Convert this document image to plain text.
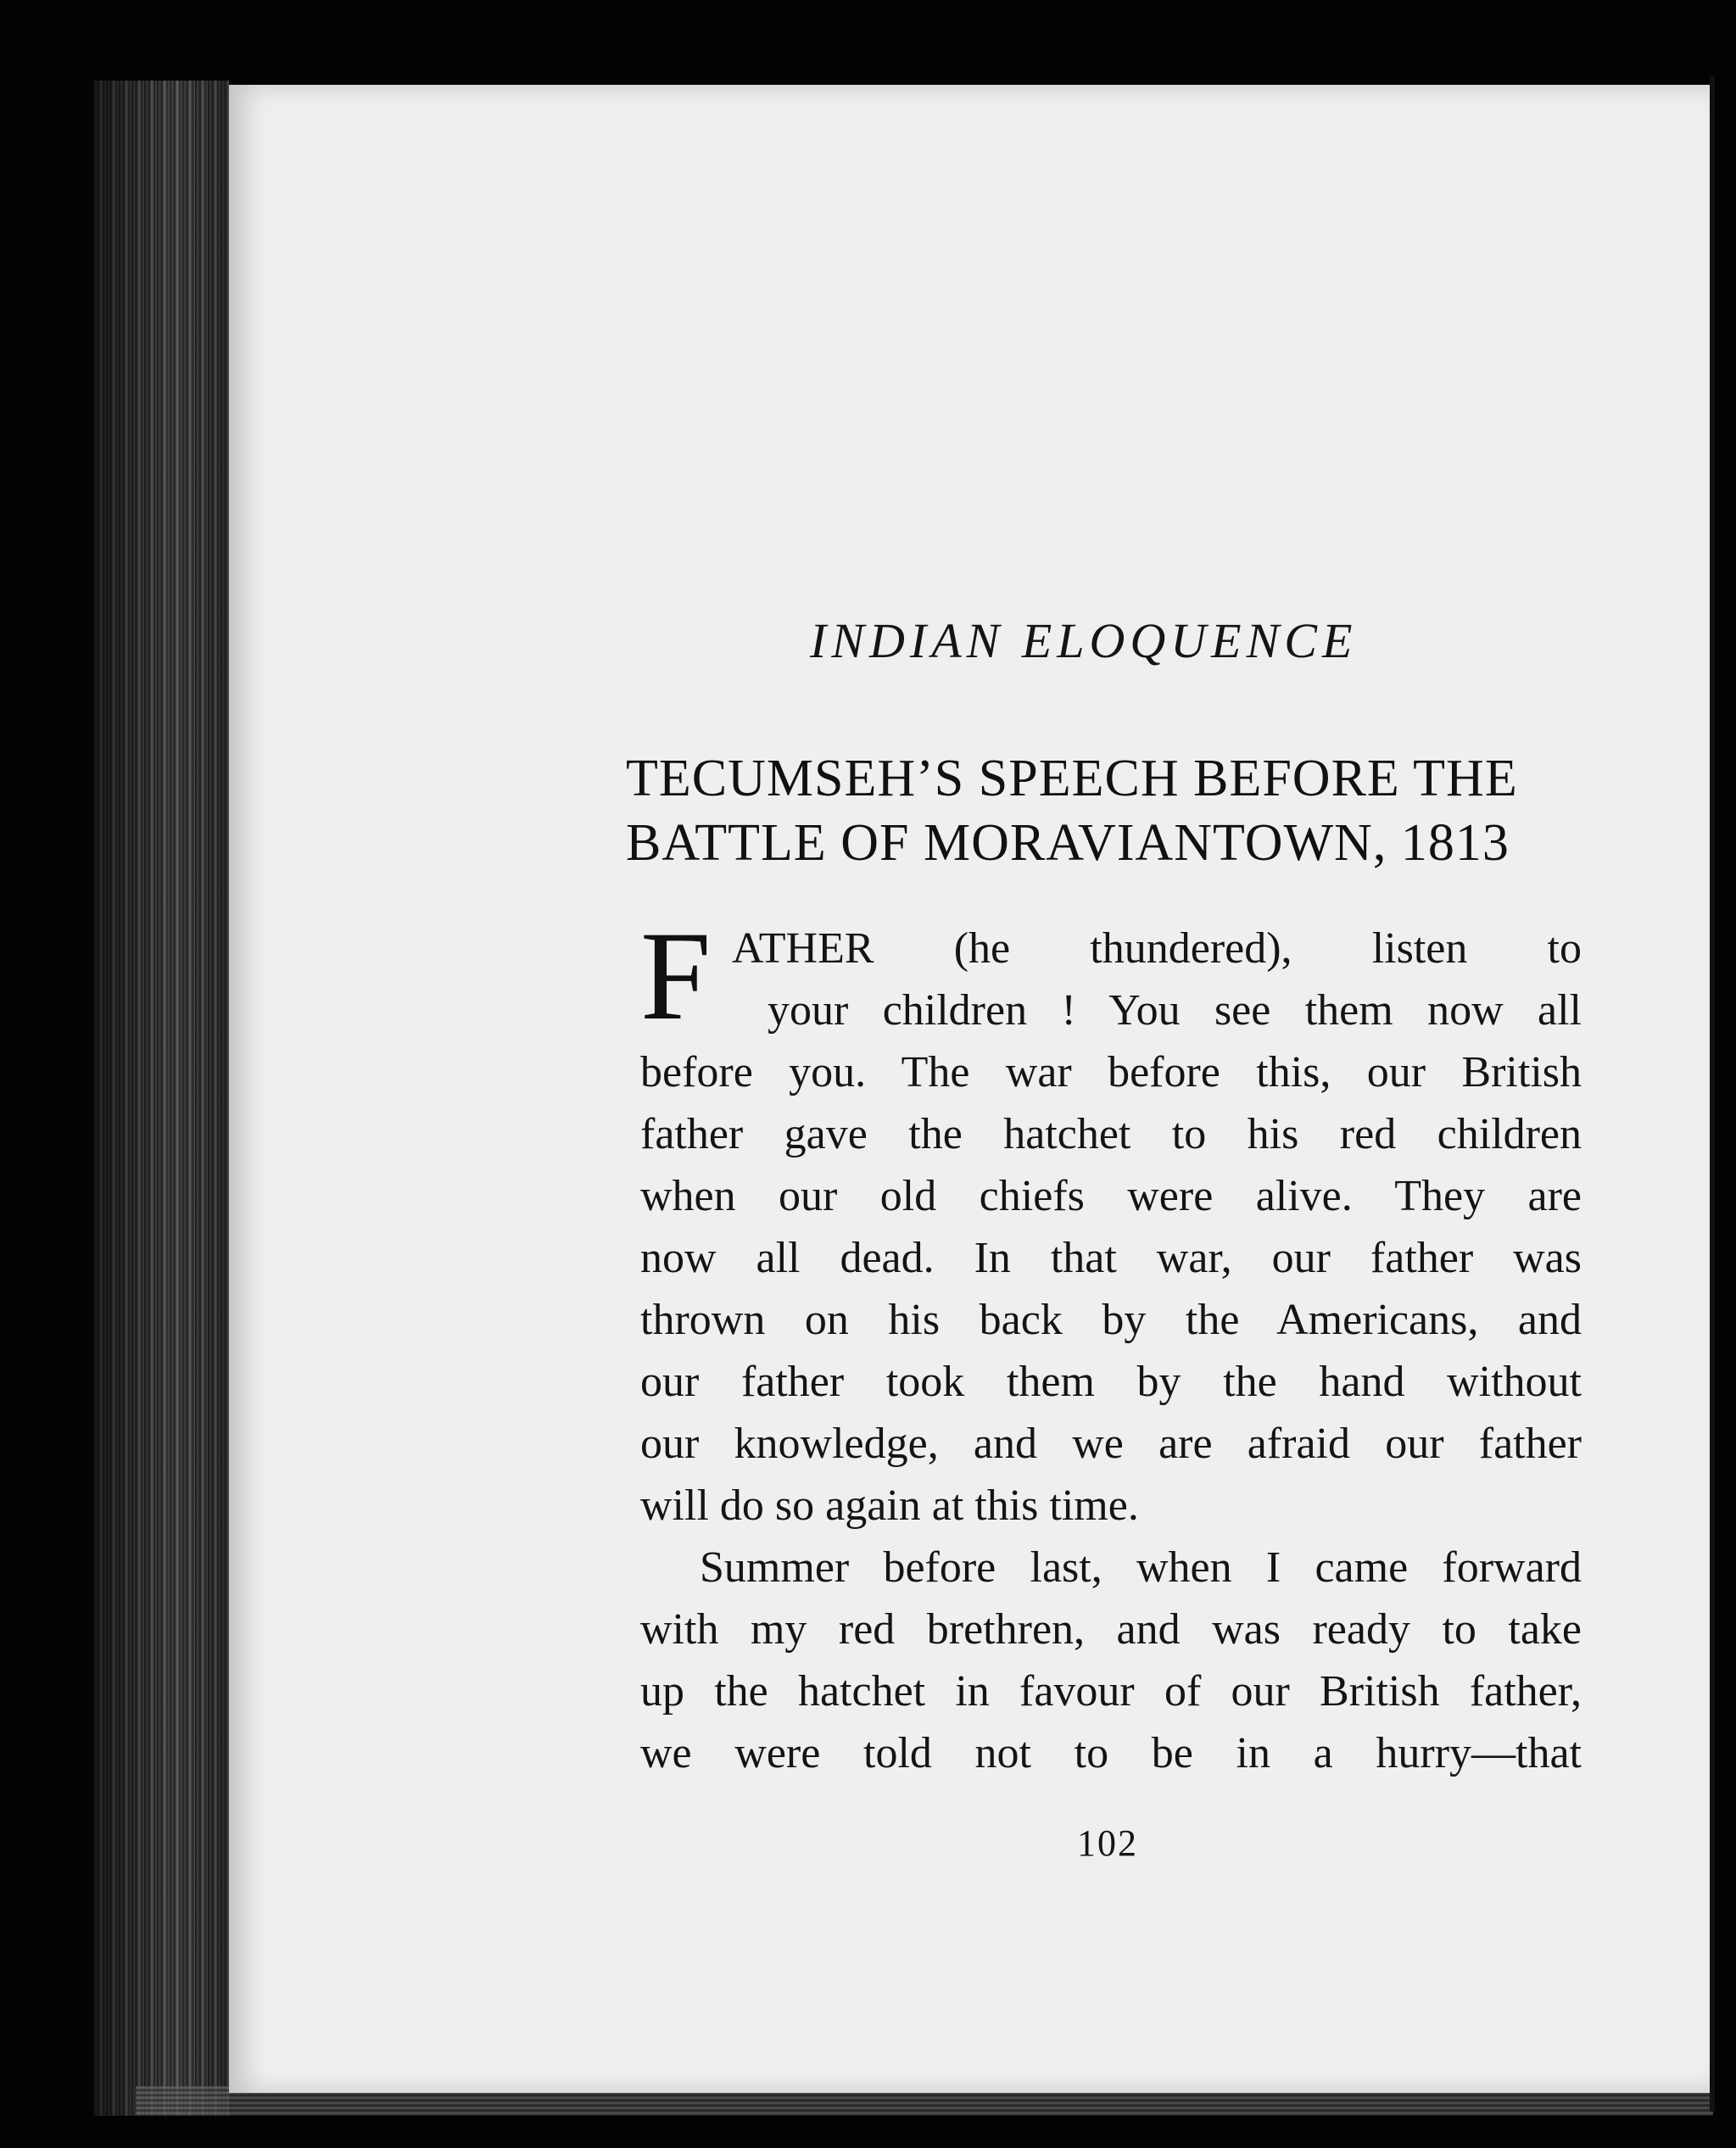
INDIAN ELOQUENCE
TECUMSEH’S SPEECH BEFORE THE
BATTLE OF MORAVIANTOWN, 1813
F ATHER (he thundered), listen to
your children ! You see them now all
before you. The war before this, our British
father gave the hatchet to his red children
when our old chiefs were alive. They are
now all dead. In that war, our father was
thrown on his back by the Americans, and
our father took them by the hand without
our knowledge, and we are afraid our father
will do so again at this time.
Summer before last, when I came forward
with my red brethren, and was ready to take
up the hatchet in favour of our British father,
we were told not to be in a hurry—that
102
